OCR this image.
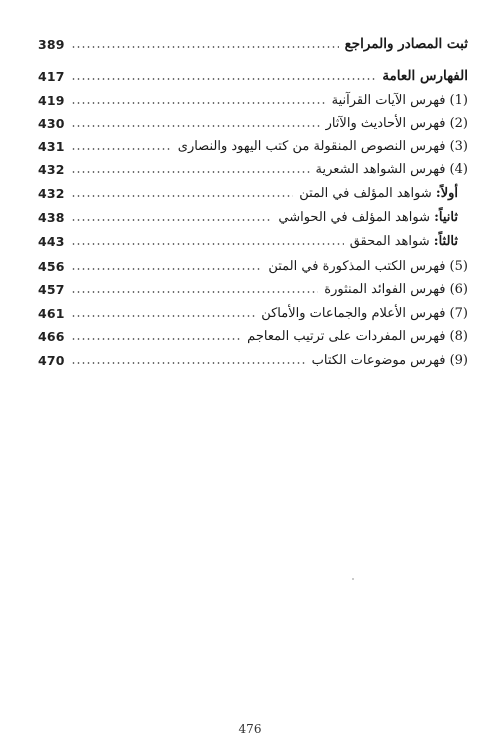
389	ثبت المصادر والمراجع
417	الفهارس العامة
419	(1) فهرس الآيات القرآنية
430	(2) فهرس الأحاديث والآثار
431	(3) فهرس النصوص المنقولة من كتب اليهود والنصارى
432	(4) فهرس الشواهد الشعرية
432	أولاً: شواهد المؤلف في المتن
438	ثانياً: شواهد المؤلف في الحواشي
443	ثالثاً: شواهد المحقق
456	(5) فهرس الكتب المذكورة في المتن
457	(6) فهرس الفوائد المنثورة
461	(7) فهرس الأعلام والجماعات والأماكن
466	(8) فهرس المفردات على ترتيب المعاجم
470	(9) فهرس موضوعات الكتاب
476
